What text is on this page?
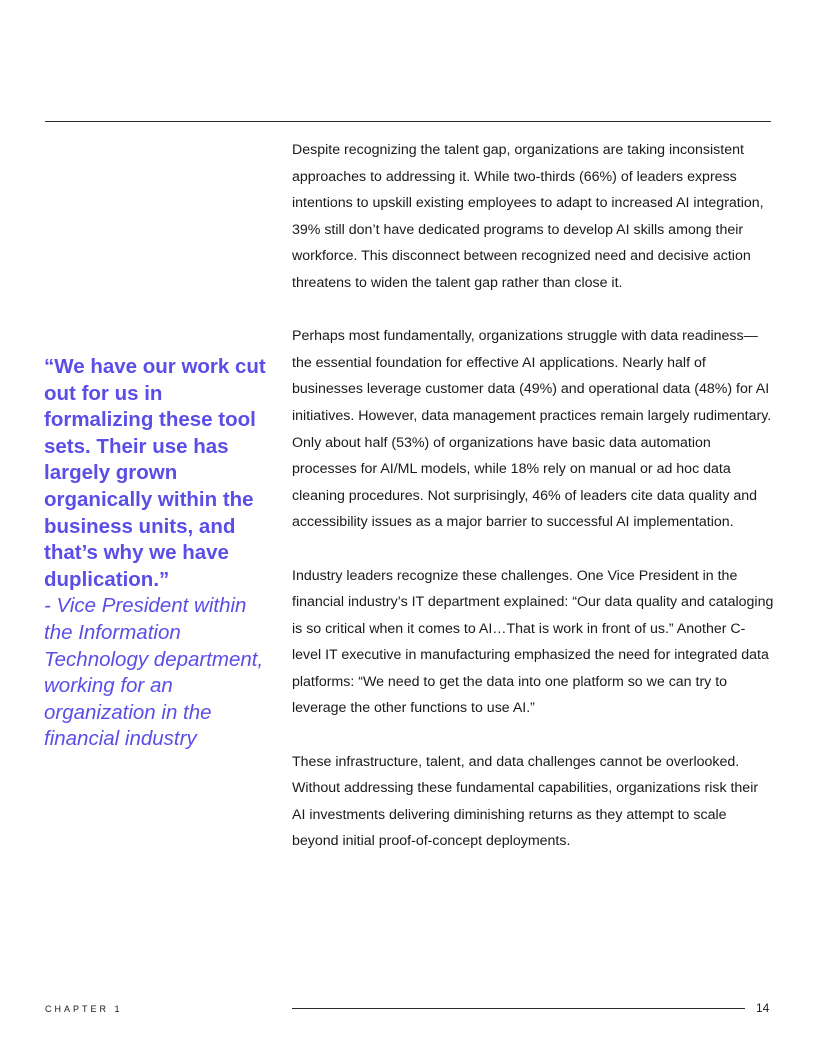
“We have our work cut out for us in formalizing these tool sets. Their use has largely grown organically within the business units, and that’s why we have duplication.”
- Vice President within the Information Technology department, working for an organization in the financial industry

Despite recognizing the talent gap, organizations are taking inconsistent approaches to addressing it. While two-thirds (66%) of leaders express intentions to upskill existing employees to adapt to increased AI integration, 39% still don’t have dedicated programs to develop AI skills among their workforce. This disconnect between recognized need and decisive action threatens to widen the talent gap rather than close it.

Perhaps most fundamentally, organizations struggle with data readiness—the essential foundation for effective AI applications. Nearly half of businesses leverage customer data (49%) and operational data (48%) for AI initiatives. However, data management practices remain largely rudimentary. Only about half (53%) of organizations have basic data automation processes for AI/ML models, while 18% rely on manual or ad hoc data cleaning procedures. Not surprisingly, 46% of leaders cite data quality and accessibility issues as a major barrier to successful AI implementation.

Industry leaders recognize these challenges. One Vice President in the financial industry’s IT department explained: “Our data quality and cataloging is so critical when it comes to AI…That is work in front of us.” Another C-level IT executive in manufacturing emphasized the need for integrated data platforms: “We need to get the data into one platform so we can try to leverage the other functions to use AI.”

These infrastructure, talent, and data challenges cannot be overlooked. Without addressing these fundamental capabilities, organizations risk their AI investments delivering diminishing returns as they attempt to scale beyond initial proof-of-concept deployments.

CHAPTER 1	14
